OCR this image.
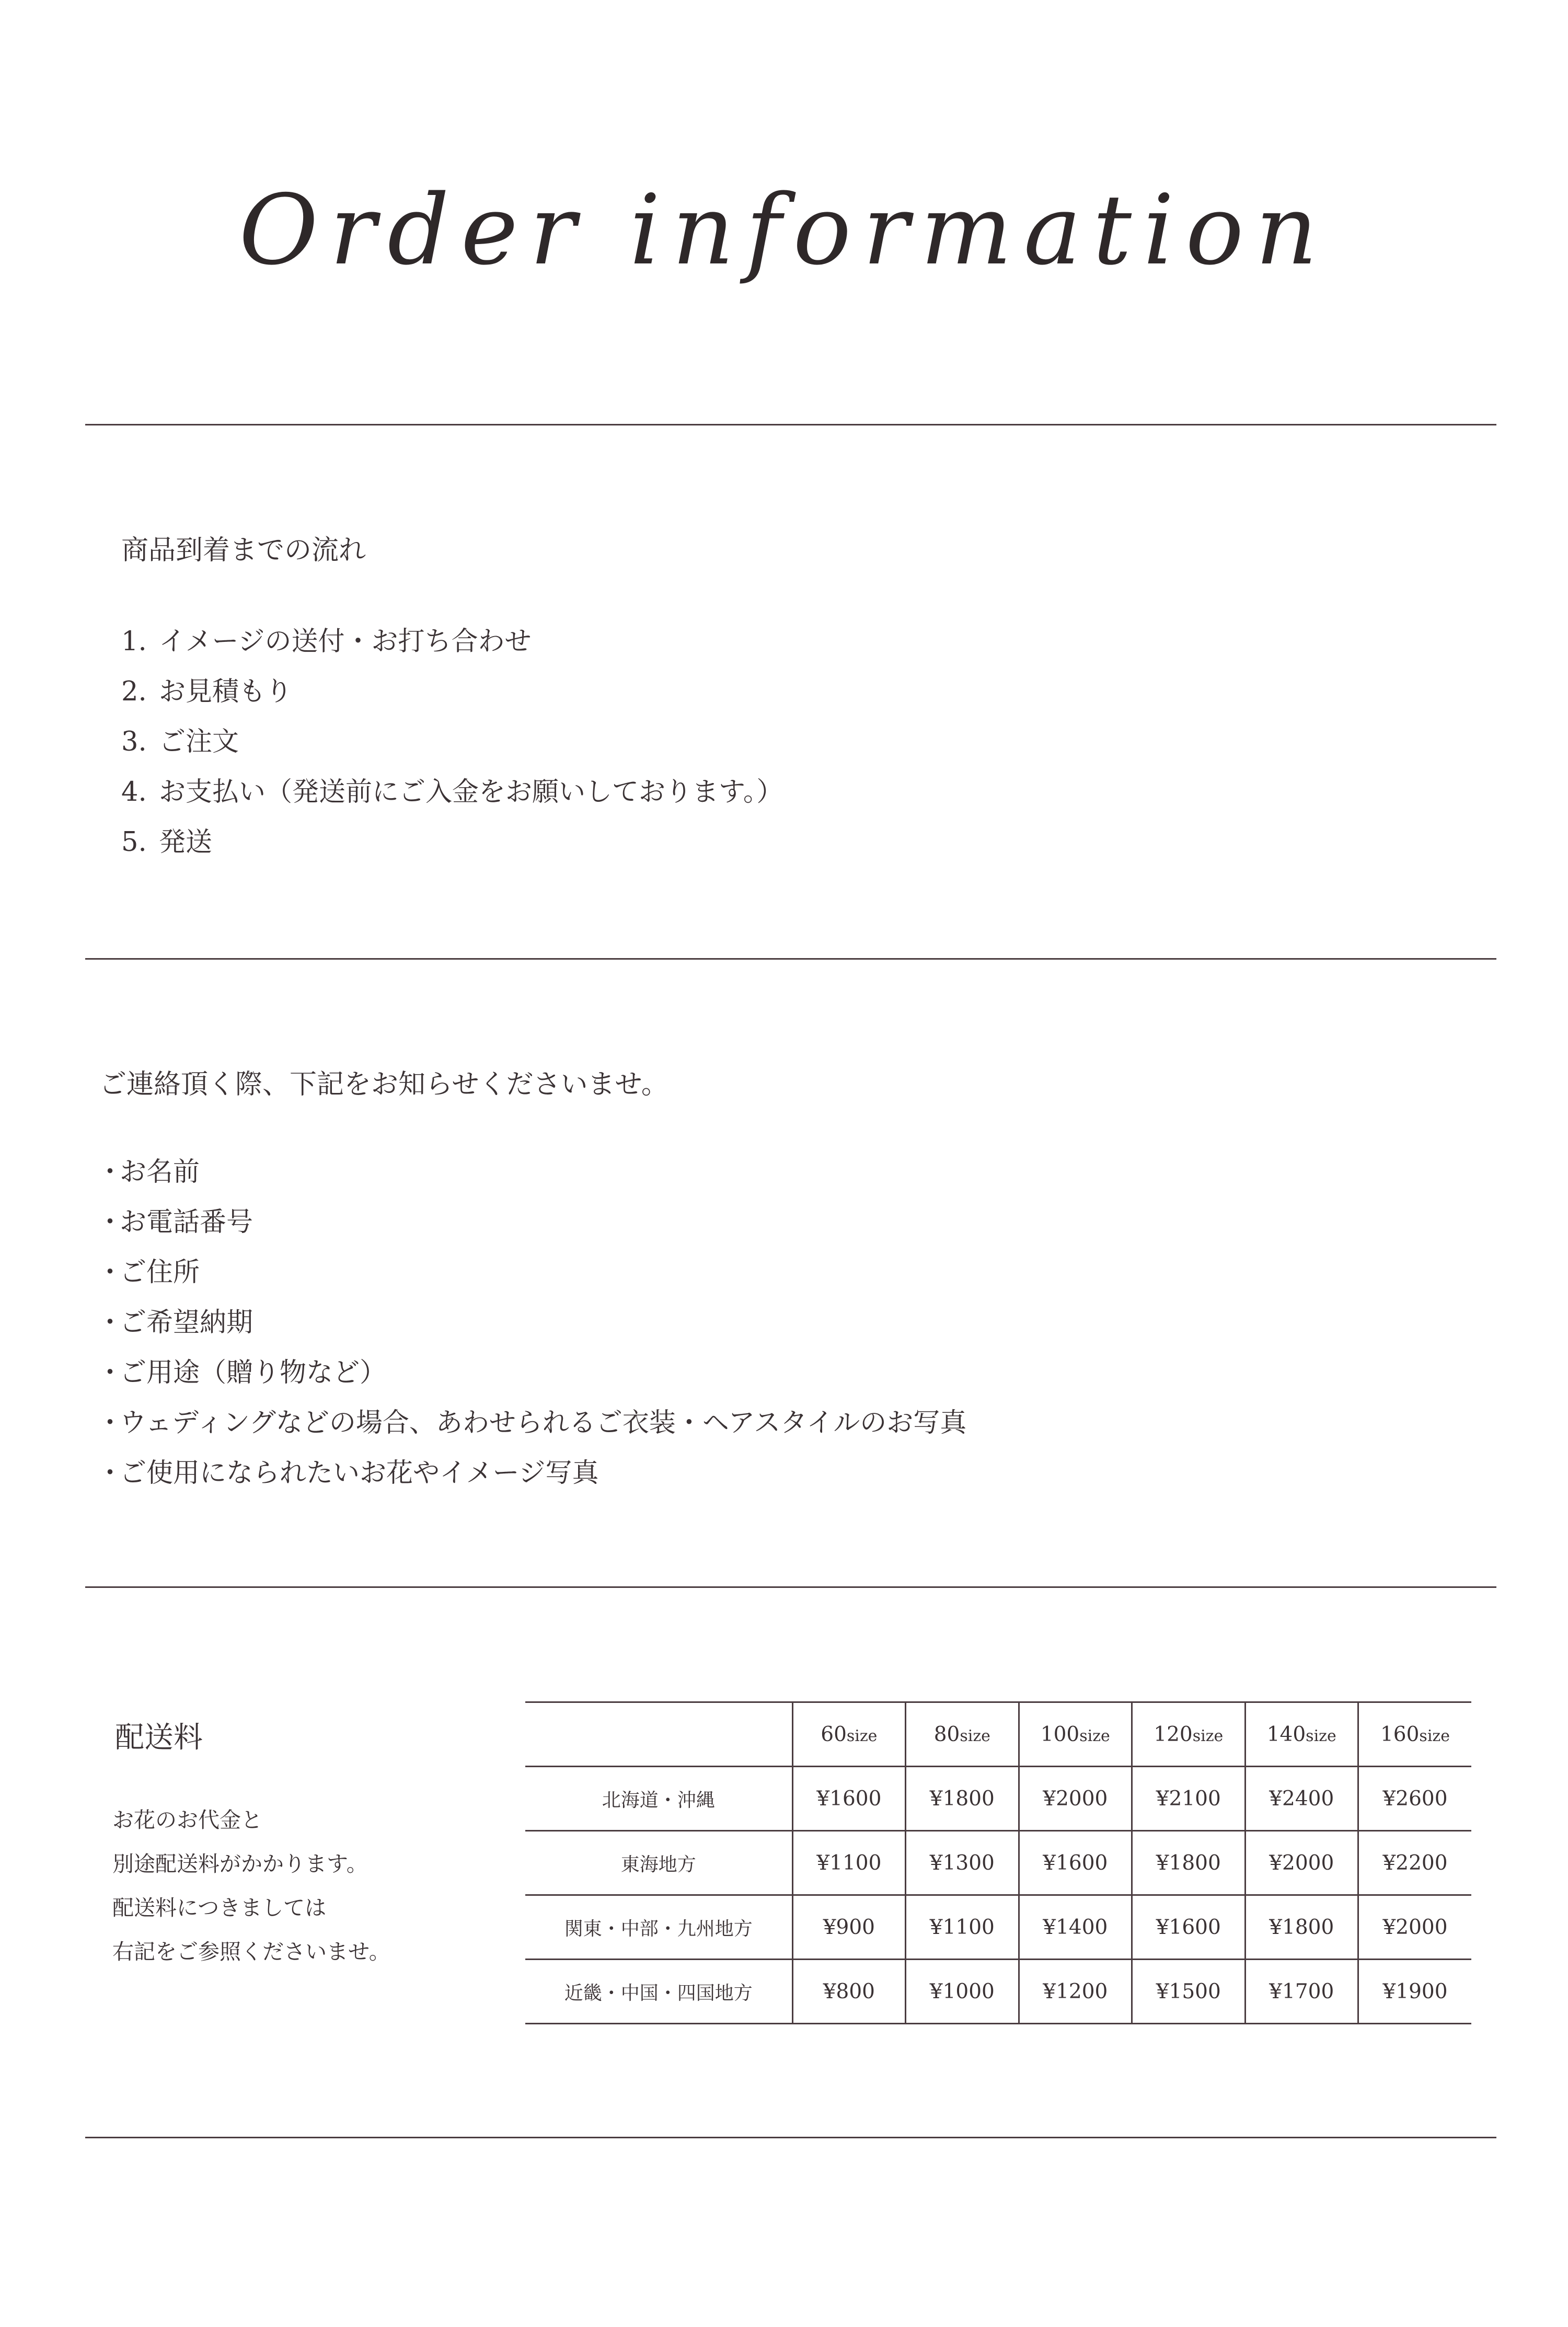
Order information
商品到着までの流れ
1. イメージの送付・お打ち合わせ
2. お見積もり
3. ご注文
4. お支払い（発送前にご入金をお願いしております。）
5. 発送
ご連絡頂く際、下記をお知らせくださいませ。
・お名前
・お電話番号
・ご住所
・ご希望納期
・ご用途（贈り物など）
・ウェディングなどの場合、あわせられるご衣装・ヘアスタイルのお写真
・ご使用になられたいお花やイメージ写真
配送料
お花のお代金と
別途配送料がかかります。
配送料につきましては
右記をご参照くださいませ。
	60size	80size	100size	120size	140size	160size
北海道・沖縄	¥1600	¥1800	¥2000	¥2100	¥2400	¥2600
東海地方	¥1100	¥1300	¥1600	¥1800	¥2000	¥2200
関東・中部・九州地方	¥900	¥1100	¥1400	¥1600	¥1800	¥2000
近畿・中国・四国地方	¥800	¥1000	¥1200	¥1500	¥1700	¥1900
